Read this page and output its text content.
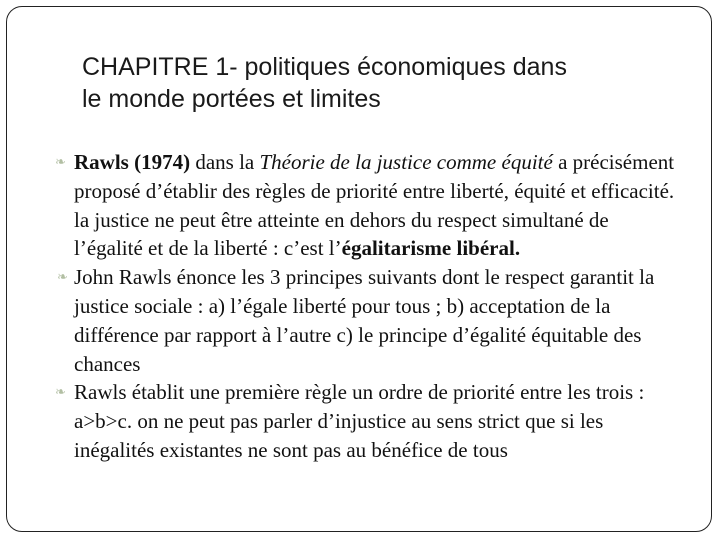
CHAPITRE 1- politiques économiques dans
le monde portées et limites
❧ Rawls (1974) dans la Théorie de la justice comme équité a précisément proposé d’établir des règles de priorité entre liberté, équité et efficacité. la justice ne peut être atteinte en dehors du respect simultané de l’égalité et de la liberté : c’est l’égalitarisme libéral.
❧ John Rawls énonce les 3 principes suivants dont le respect garantit la justice sociale : a) l’égale liberté pour tous ; b) acceptation de la différence par rapport à l’autre c) le principe d’égalité équitable des chances
❧ Rawls établit une première règle un ordre de priorité entre les trois : a>b>c. on ne peut pas parler d’injustice au sens strict que si les inégalités existantes ne sont pas au bénéfice de tous
